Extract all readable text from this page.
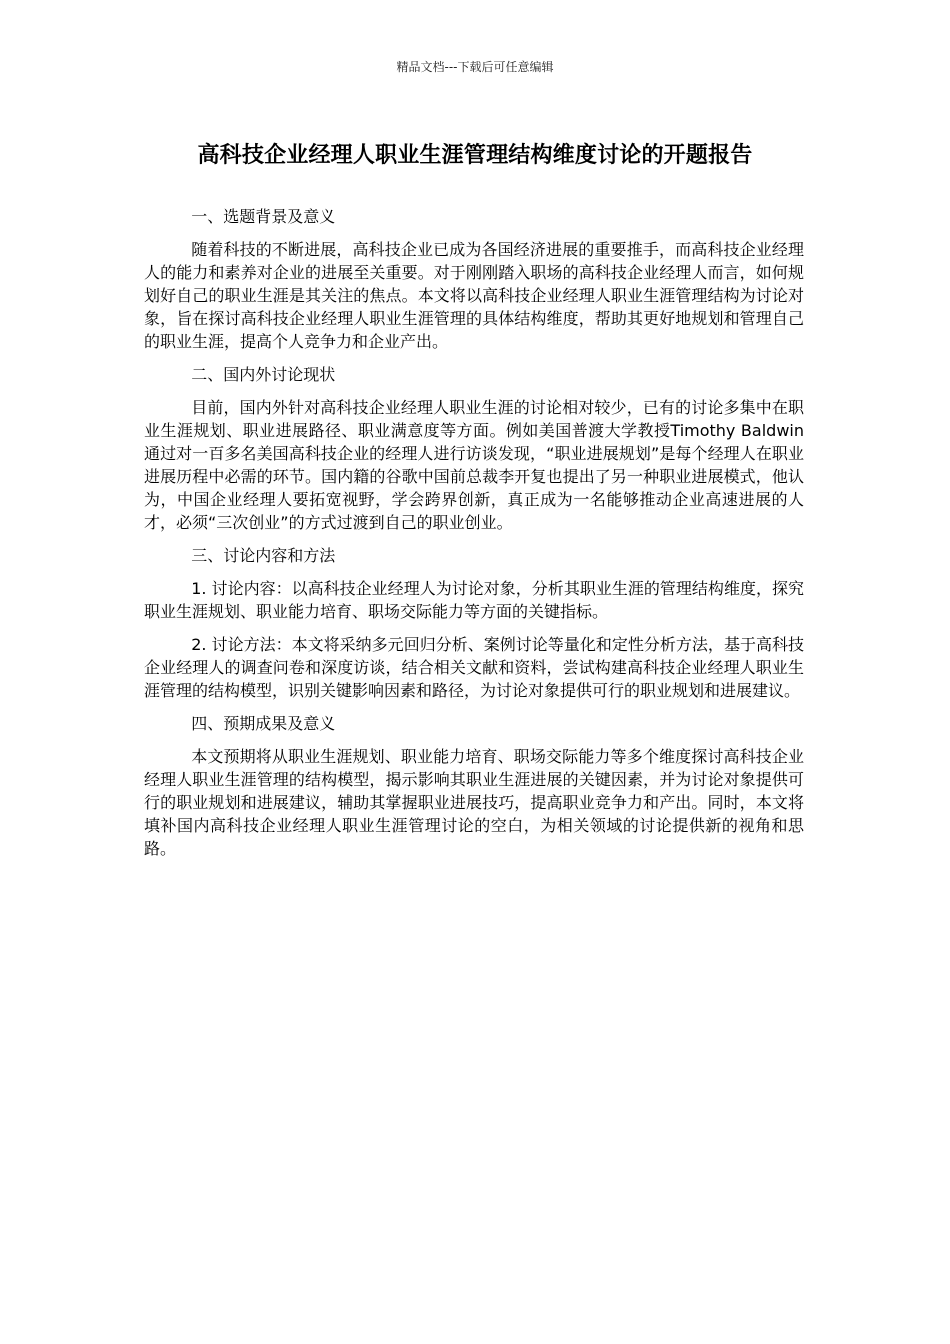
精品文档---下载后可任意编辑
高科技企业经理人职业生涯管理结构维度讨论的开题报告

一、选题背景及意义

随着科技的不断进展，高科技企业已成为各国经济进展的重要推手，而高科技企业经理人的能力和素养对企业的进展至关重要。对于刚刚踏入职场的高科技企业经理人而言，如何规划好自己的职业生涯是其关注的焦点。本文将以高科技企业经理人职业生涯管理结构为讨论对象，旨在探讨高科技企业经理人职业生涯管理的具体结构维度，帮助其更好地规划和管理自己的职业生涯，提高个人竞争力和企业产出。

二、国内外讨论现状

目前，国内外针对高科技企业经理人职业生涯的讨论相对较少，已有的讨论多集中在职业生涯规划、职业进展路径、职业满意度等方面。例如美国普渡大学教授Timothy Baldwin通过对一百多名美国高科技企业的经理人进行访谈发现，“职业进展规划”是每个经理人在职业进展历程中必需的环节。国内籍的谷歌中国前总裁李开复也提出了另一种职业进展模式，他认为，中国企业经理人要拓宽视野，学会跨界创新，真正成为一名能够推动企业高速进展的人才，必须“三次创业”的方式过渡到自己的职业创业。

三、讨论内容和方法

1. 讨论内容：以高科技企业经理人为讨论对象，分析其职业生涯的管理结构维度，探究职业生涯规划、职业能力培育、职场交际能力等方面的关键指标。

2. 讨论方法：本文将采纳多元回归分析、案例讨论等量化和定性分析方法，基于高科技企业经理人的调查问卷和深度访谈，结合相关文献和资料，尝试构建高科技企业经理人职业生涯管理的结构模型，识别关键影响因素和路径，为讨论对象提供可行的职业规划和进展建议。

四、预期成果及意义

本文预期将从职业生涯规划、职业能力培育、职场交际能力等多个维度探讨高科技企业经理人职业生涯管理的结构模型，揭示影响其职业生涯进展的关键因素，并为讨论对象提供可行的职业规划和进展建议，辅助其掌握职业进展技巧，提高职业竞争力和产出。同时，本文将填补国内高科技企业经理人职业生涯管理讨论的空白，为相关领域的讨论提供新的视角和思路。
